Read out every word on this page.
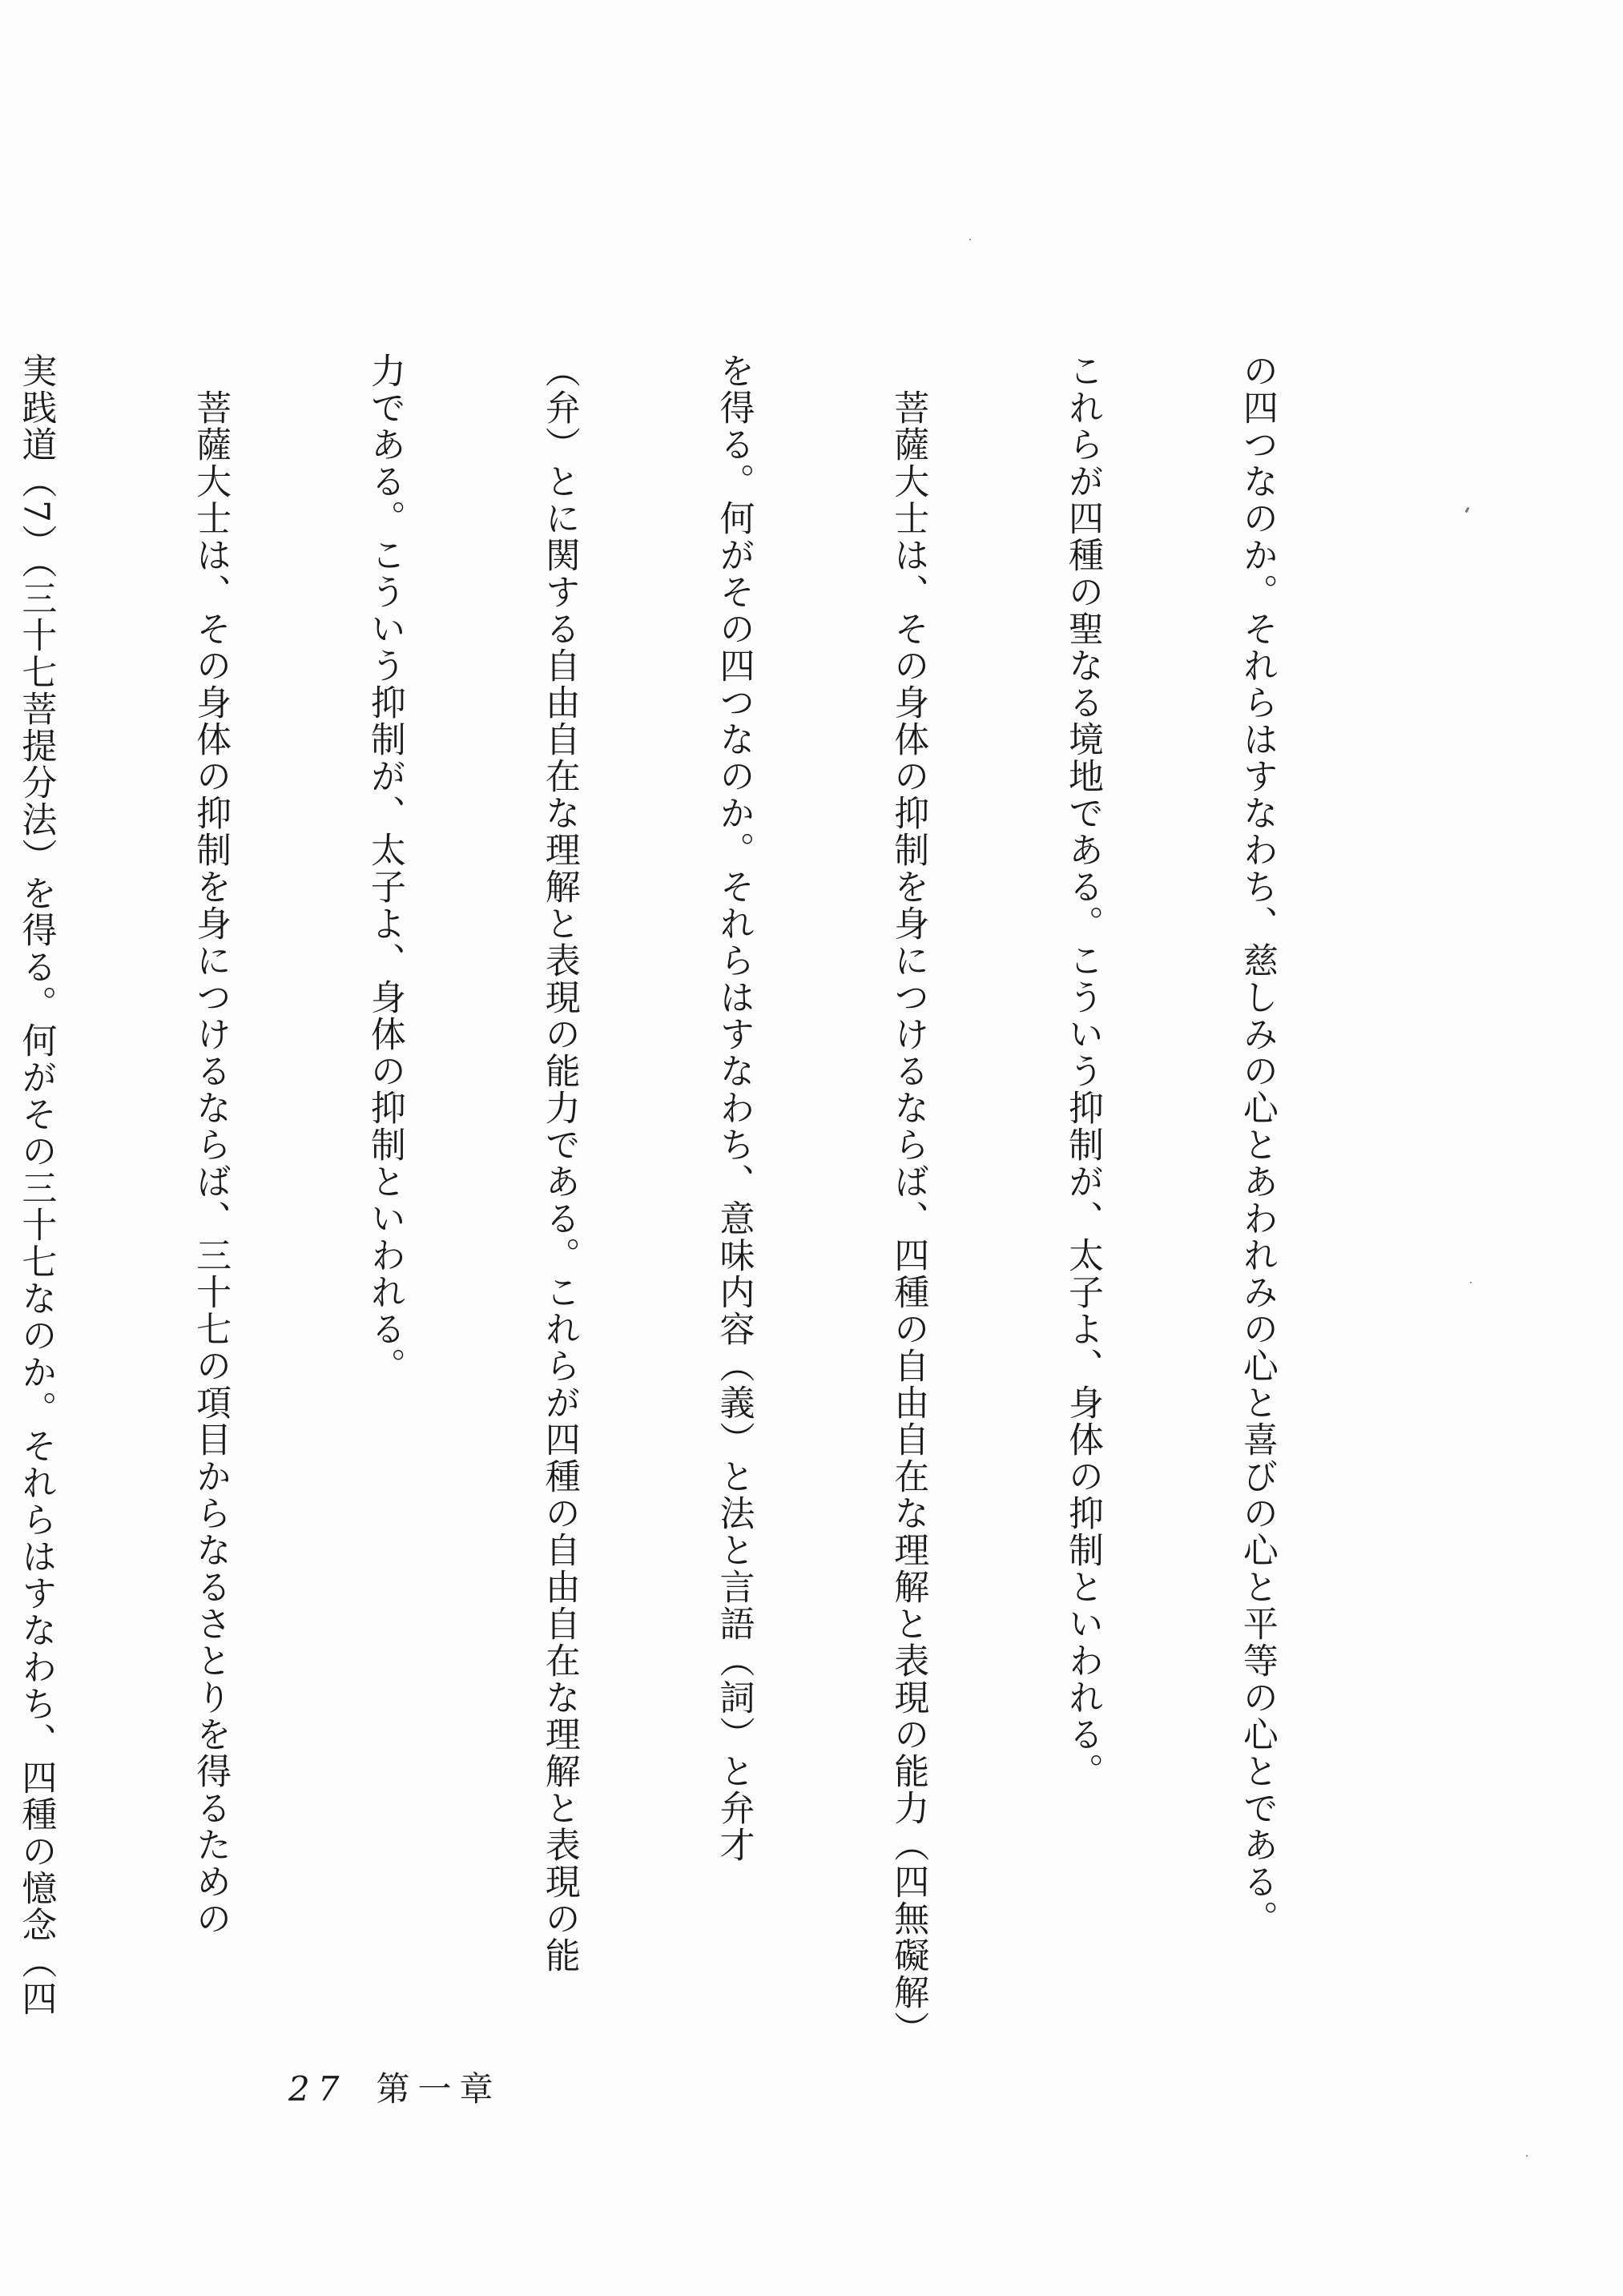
の四つなのか。それらはすなわち、慈しみの心とあわれみの心と喜びの心と平等の心とである。

これらが四種の聖なる境地である。こういう抑制が、太子よ、身体の抑制といわれる。

　菩薩大士は、その身体の抑制を身につけるならば、四種の自由自在な理解と表現の能力（四無礙解）

を得る。何がその四つなのか。それらはすなわち、意味内容（義）と法と言語（詞）と弁才

（弁）とに関する自由自在な理解と表現の能力である。これらが四種の自由自在な理解と表現の能

力である。こういう抑制が、太子よ、身体の抑制といわれる。

　菩薩大士は、その身体の抑制を身につけるならば、三十七の項目からなるさとりを得るための

実践道（7）（三十七菩提分法）を得る。何がその三十七なのか。それらはすなわち、四種の憶念（四

27 第一章
